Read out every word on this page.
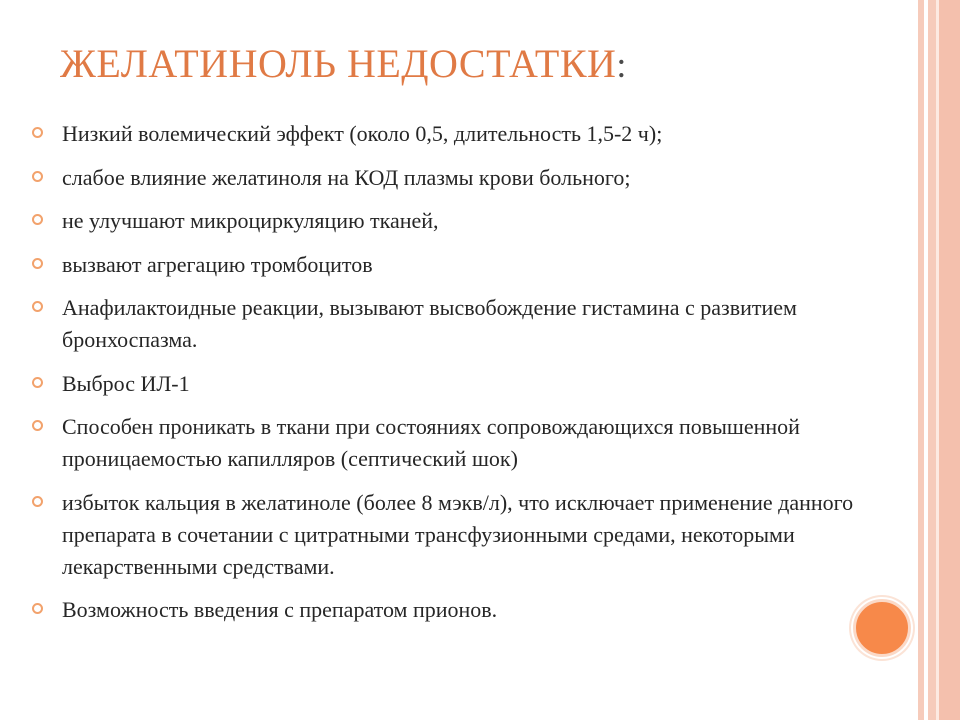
ЖЕЛАТИНОЛЬ НЕДОСТАТКИ:
Низкий волемический эффект (около 0,5, длительность 1,5-2 ч);
слабое влияние желатиноля на КОД плазмы крови больного;
не улучшают микроциркуляцию тканей,
вызвают агрегацию тромбоцитов
Анафилактоидные реакции, вызывают высвобождение гистамина с развитием бронхоспазма.
Выброс ИЛ-1
Способен проникать в ткани при состояниях сопровождающихся повышенной проницаемостью капилляров (септический шок)
избыток кальция в желатиноле (более 8 мэкв/л), что исключает применение данного препарата в сочетании с цитратными трансфузионными средами, некоторыми лекарственными средствами.
Возможность введения с препаратом прионов.
